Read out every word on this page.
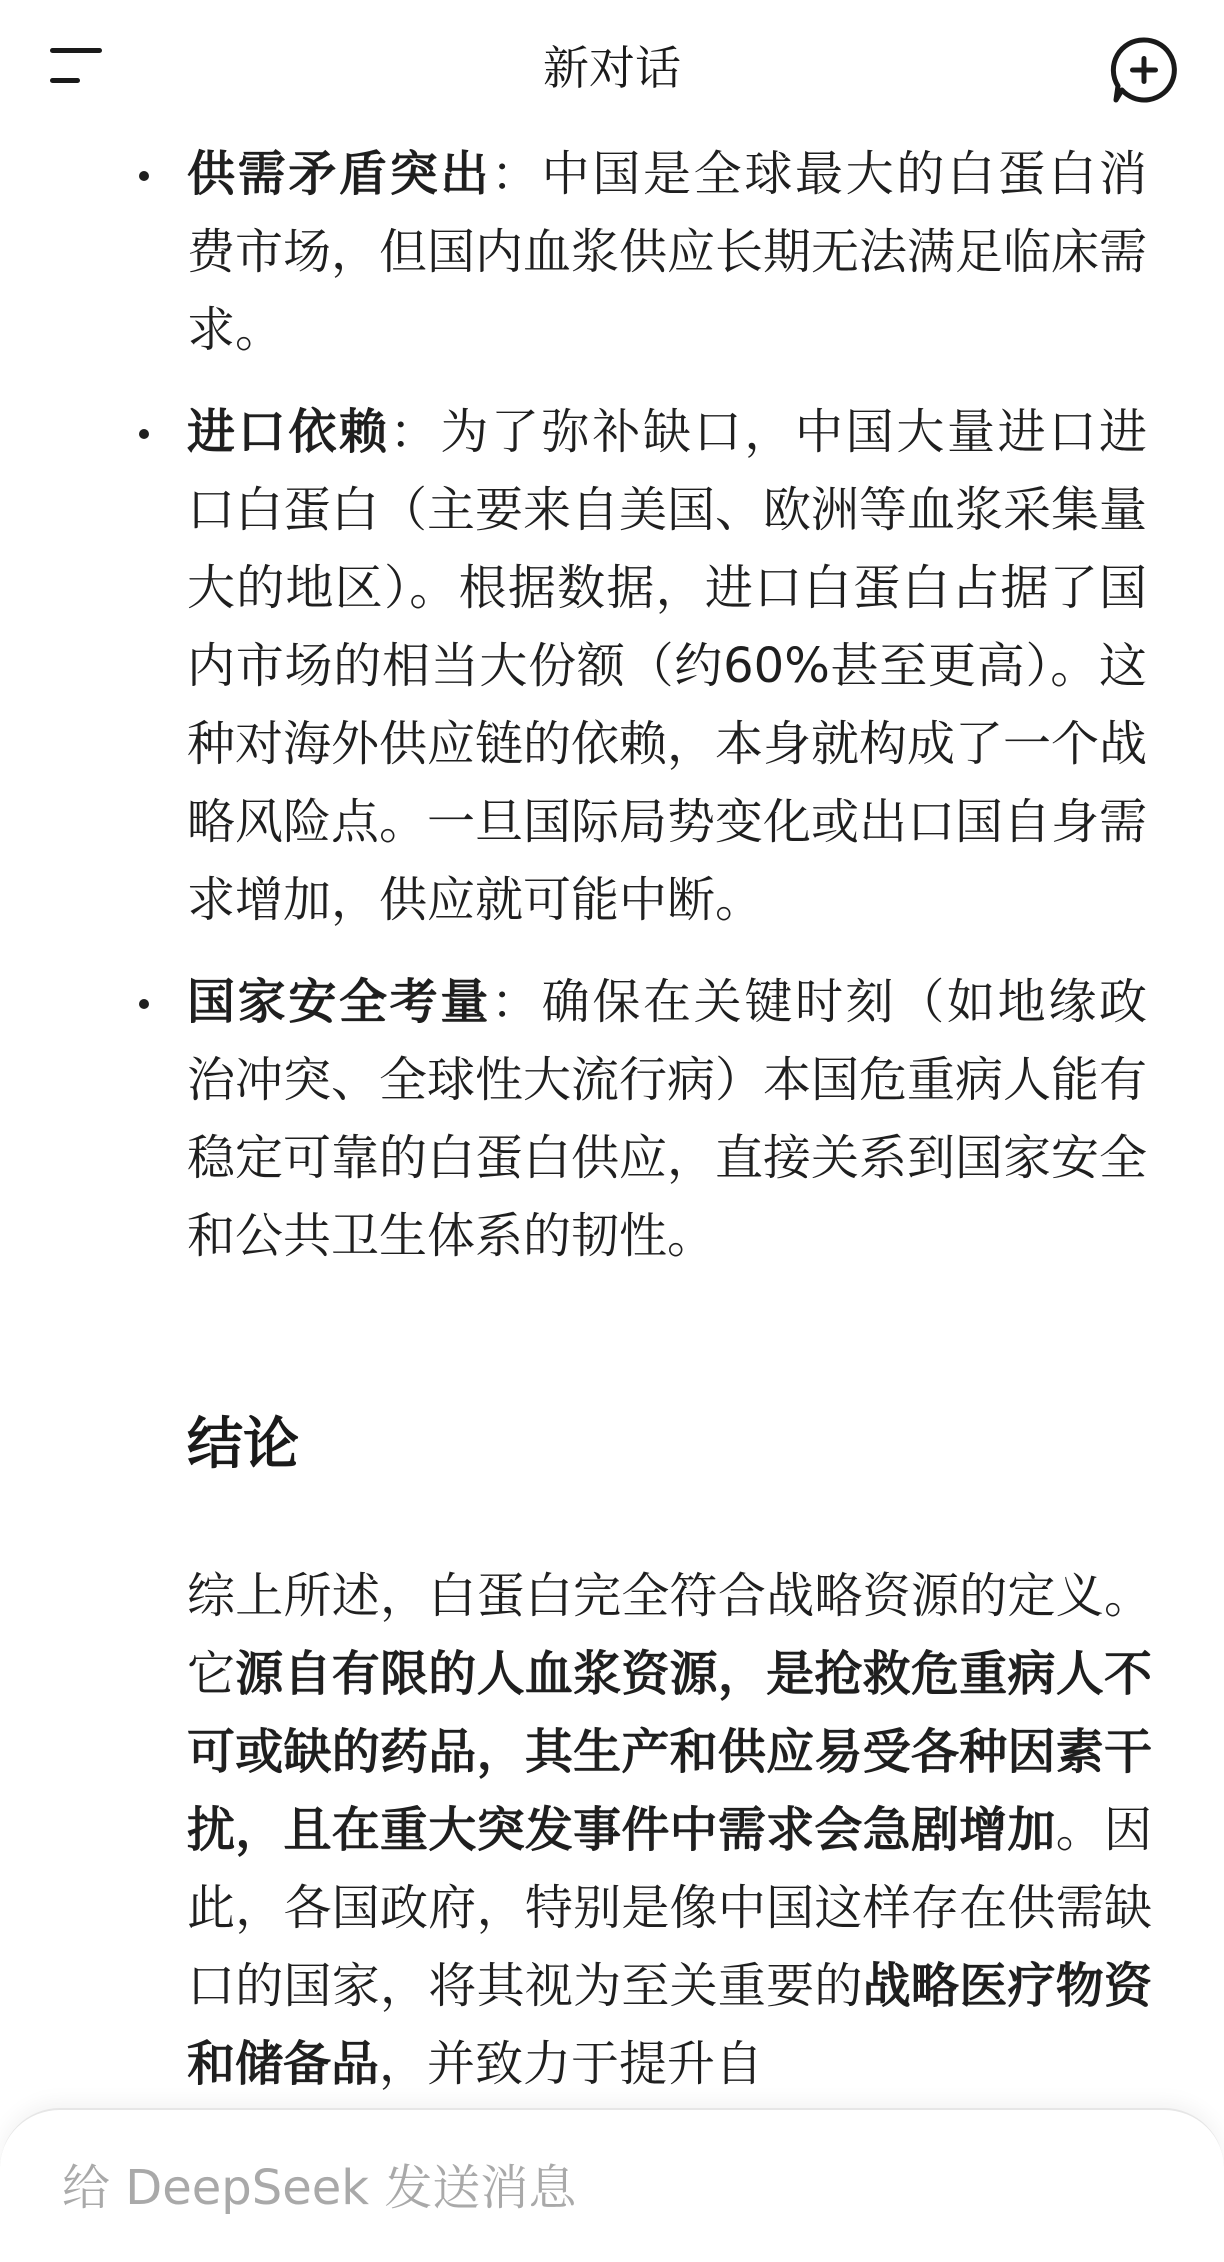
新对话

供需矛盾突出：中国是全球最大的白蛋白消费市场，但国内血浆供应长期无法满足临床需求。

进口依赖：为了弥补缺口，中国大量进口进口白蛋白（主要来自美国、欧洲等血浆采集量大的地区）。根据数据，进口白蛋白占据了国内市场的相当大份额（约60%甚至更高）。这种对海外供应链的依赖，本身就构成了一个战略风险点。一旦国际局势变化或出口国自身需求增加，供应就可能中断。

国家安全考量：确保在关键时刻（如地缘政治冲突、全球性大流行病）本国危重病人能有稳定可靠的白蛋白供应，直接关系到国家安全和公共卫生体系的韧性。

结论

综上所述，白蛋白完全符合战略资源的定义。它源自有限的人血浆资源，是抢救危重病人不可或缺的药品，其生产和供应易受各种因素干扰，且在重大突发事件中需求会急剧增加。因此，各国政府，特别是像中国这样存在供需缺口的国家，将其视为至关重要的战略医疗物资和储备品，并致力于提升自

给 DeepSeek 发送消息
